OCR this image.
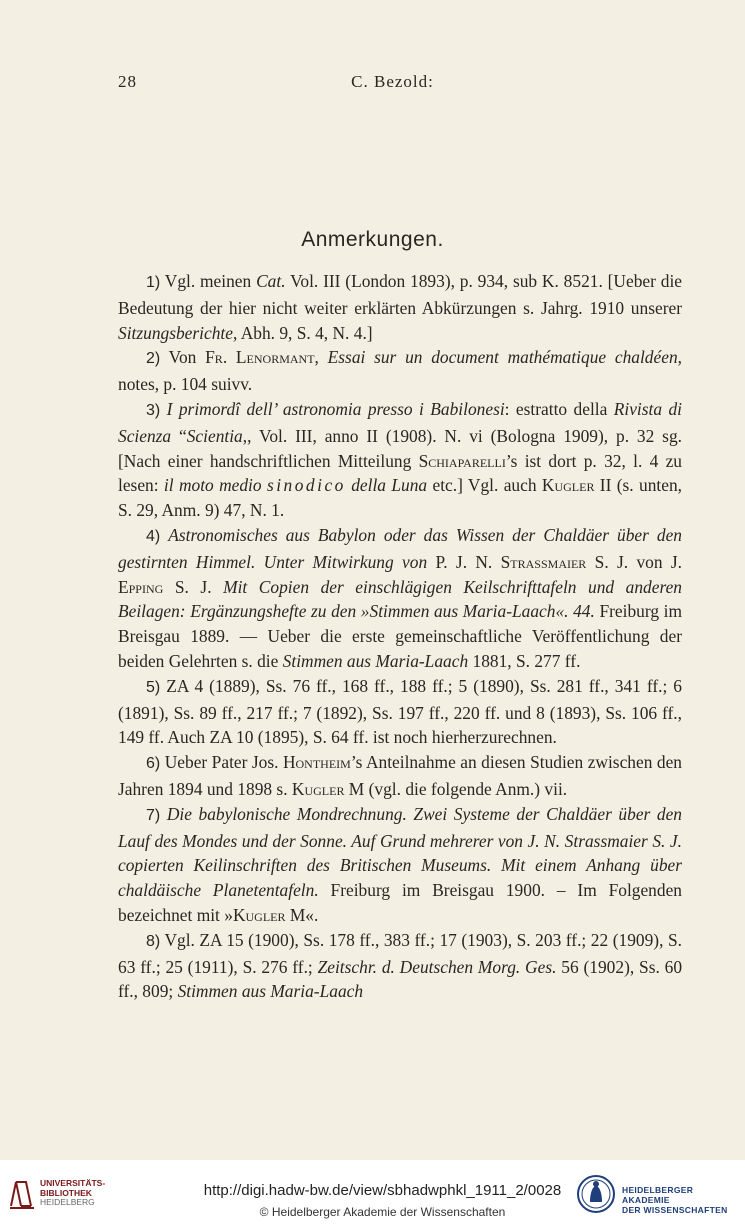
28	C. Bezold:
Anmerkungen.

1) Vgl. meinen Cat. Vol. III (London 1893), p. 934, sub K. 8521. [Ueber die Bedeutung der hier nicht weiter erklärten Abkürzungen s. Jahrg. 1910 unserer Sitzungsberichte, Abh. 9, S. 4, N. 4.]

2) Von Fr. Lenormant, Essai sur un document mathématique chaldéen, notes, p. 104 suivv.

3) I primordî dell’ astronomia presso i Babilonesi: estratto della Rivista di Scienza “Scientia,, Vol. III, anno II (1908). N. vi (Bologna 1909), p. 32 sg. [Nach einer handschriftlichen Mitteilung Schiaparelli’s ist dort p. 32, l. 4 zu lesen: il moto medio sinodico della Luna etc.] Vgl. auch Kugler II (s. unten, S. 29, Anm. 9) 47, N. 1.

4) Astronomisches aus Babylon oder das Wissen der Chaldäer über den gestirnten Himmel. Unter Mitwirkung von P. J. N. Strassmaier S. J. von J. Epping S. J. Mit Copien der einschlägigen Keilschrifttafeln und anderen Beilagen: Ergänzungshefte zu den »Stimmen aus Maria-Laach«. 44. Freiburg im Breisgau 1889. — Ueber die erste gemeinschaftliche Veröffentlichung der beiden Gelehrten s. die Stimmen aus Maria-Laach 1881, S. 277 ff.

5) ZA 4 (1889), Ss. 76 ff., 168 ff., 188 ff.; 5 (1890), Ss. 281 ff., 341 ff.; 6 (1891), Ss. 89 ff., 217 ff.; 7 (1892), Ss. 197 ff., 220 ff. und 8 (1893), Ss. 106 ff., 149 ff. Auch ZA 10 (1895), S. 64 ff. ist noch hierherzurechnen.

6) Ueber Pater Jos. Hontheim’s Anteilnahme an diesen Studien zwischen den Jahren 1894 und 1898 s. Kugler M (vgl. die folgende Anm.) vii.

7) Die babylonische Mondrechnung. Zwei Systeme der Chaldäer über den Lauf des Mondes und der Sonne. Auf Grund mehrerer von J. N. Strassmaier S. J. copierten Keilinschriften des Britischen Museums. Mit einem Anhang über chaldäische Planetentafeln. Freiburg im Breisgau 1900. – Im Folgenden bezeichnet mit »Kugler M«.

8) Vgl. ZA 15 (1900), Ss. 178 ff., 383 ff.; 17 (1903), S. 203 ff.; 22 (1909), S. 63 ff.; 25 (1911), S. 276 ff.; Zeitschr. d. Deutschen Morg. Ges. 56 (1902), Ss. 60 ff., 809; Stimmen aus Maria-Laach

UNIVERSITÄTS-
BIBLIOTHEK
HEIDELBERG
http://digi.hadw-bw.de/view/sbhadwphkl_1911_2/0028
© Heidelberger Akademie der Wissenschaften
HEIDELBERGER AKADEMIE
DER WISSENSCHAFTEN
